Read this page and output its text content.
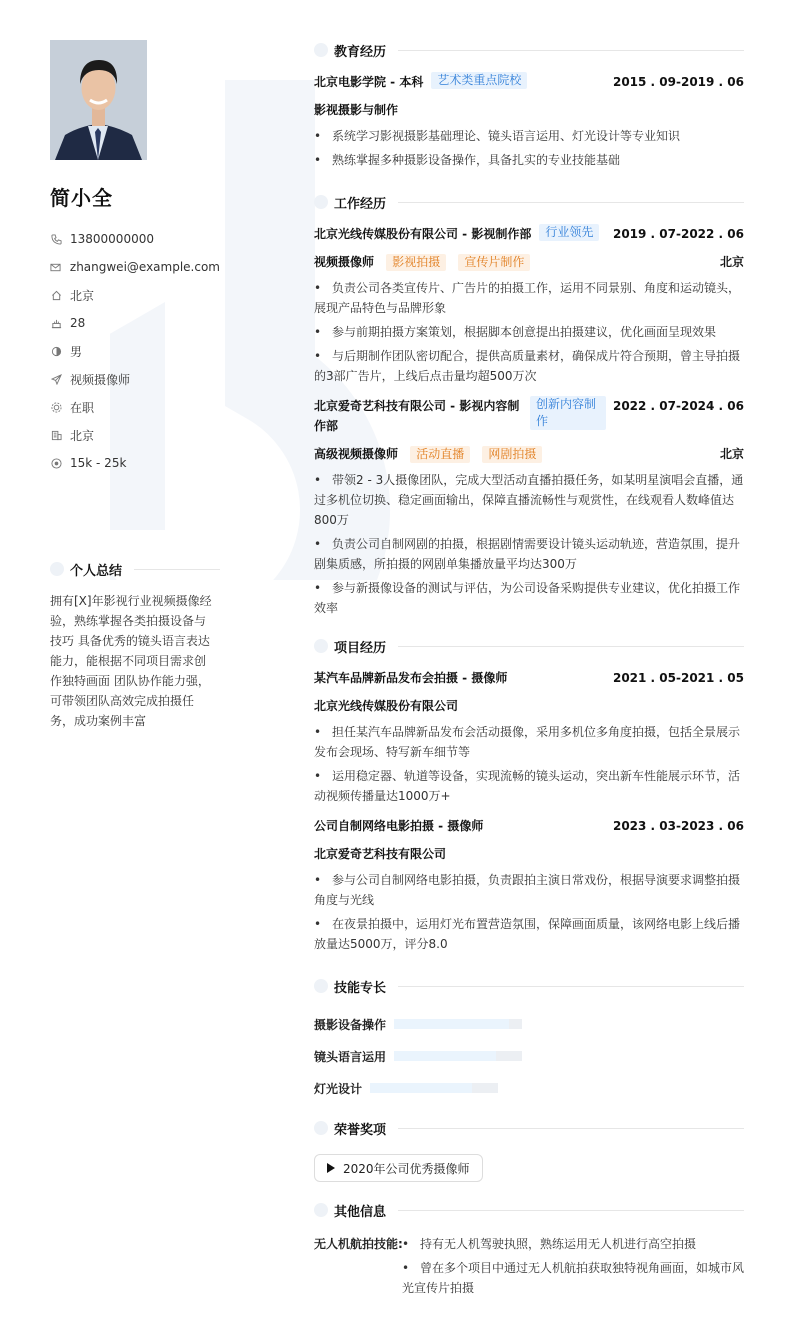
简小全
13800000000
zhangwei@example.com
北京
28
男
视频摄像师
在职
北京
15k - 25k
个人总结
拥有[X]年影视行业视频摄像经验，熟练掌握各类拍摄设备与技巧 具备优秀的镜头语言表达能力，能根据不同项目需求创作独特画面 团队协作能力强，可带领团队高效完成拍摄任务，成功案例丰富
教育经历
北京电影学院 - 本科	艺术类重点院校	2015 . 09-2019 . 06
影视摄影与制作
• 系统学习影视摄影基础理论、镜头语言运用、灯光设计等专业知识
• 熟练掌握多种摄影设备操作，具备扎实的专业技能基础
工作经历
北京光线传媒股份有限公司 - 影视制作部	行业领先	2019 . 07-2022 . 06
视频摄像师 影视拍摄 宣传片制作	北京
• 负责公司各类宣传片、广告片的拍摄工作，运用不同景别、角度和运动镜头，展现产品特色与品牌形象
• 参与前期拍摄方案策划，根据脚本创意提出拍摄建议，优化画面呈现效果
• 与后期制作团队密切配合，提供高质量素材，确保成片符合预期，曾主导拍摄的3部广告片，上线后点击量均超500万次
北京爱奇艺科技有限公司 - 影视内容制作部
创新内容制作
2022 . 07-2024 . 06
高级视频摄像师 活动直播 网剧拍摄	北京
• 带领2 - 3人摄像团队，完成大型活动直播拍摄任务，如某明星演唱会直播，通过多机位切换、稳定画面输出，保障直播流畅性与观赏性，在线观看人数峰值达800万
• 负责公司自制网剧的拍摄，根据剧情需要设计镜头运动轨迹，营造氛围，提升剧集质感，所拍摄的网剧单集播放量平均达300万
• 参与新摄像设备的测试与评估，为公司设备采购提供专业建议，优化拍摄工作效率
项目经历
某汽车品牌新品发布会拍摄 - 摄像师	2021 . 05-2021 . 05
北京光线传媒股份有限公司
• 担任某汽车品牌新品发布会活动摄像，采用多机位多角度拍摄，包括全景展示发布会现场、特写新车细节等
• 运用稳定器、轨道等设备，实现流畅的镜头运动，突出新车性能展示环节，活动视频传播量达1000万+
公司自制网络电影拍摄 - 摄像师	2023 . 03-2023 . 06
北京爱奇艺科技有限公司
• 参与公司自制网络电影拍摄，负责跟拍主演日常戏份，根据导演要求调整拍摄角度与光线
• 在夜景拍摄中，运用灯光布置营造氛围，保障画面质量，该网络电影上线后播放量达5000万，评分8.0
技能专长
摄影设备操作
镜头语言运用
灯光设计
荣誉奖项
2020年公司优秀摄像师
其他信息
无人机航拍技能:
•	持有无人机驾驶执照，熟练运用无人机进行高空拍摄
• 曾在多个项目中通过无人机航拍获取独特视角画面，如城市风光宣传片拍摄
